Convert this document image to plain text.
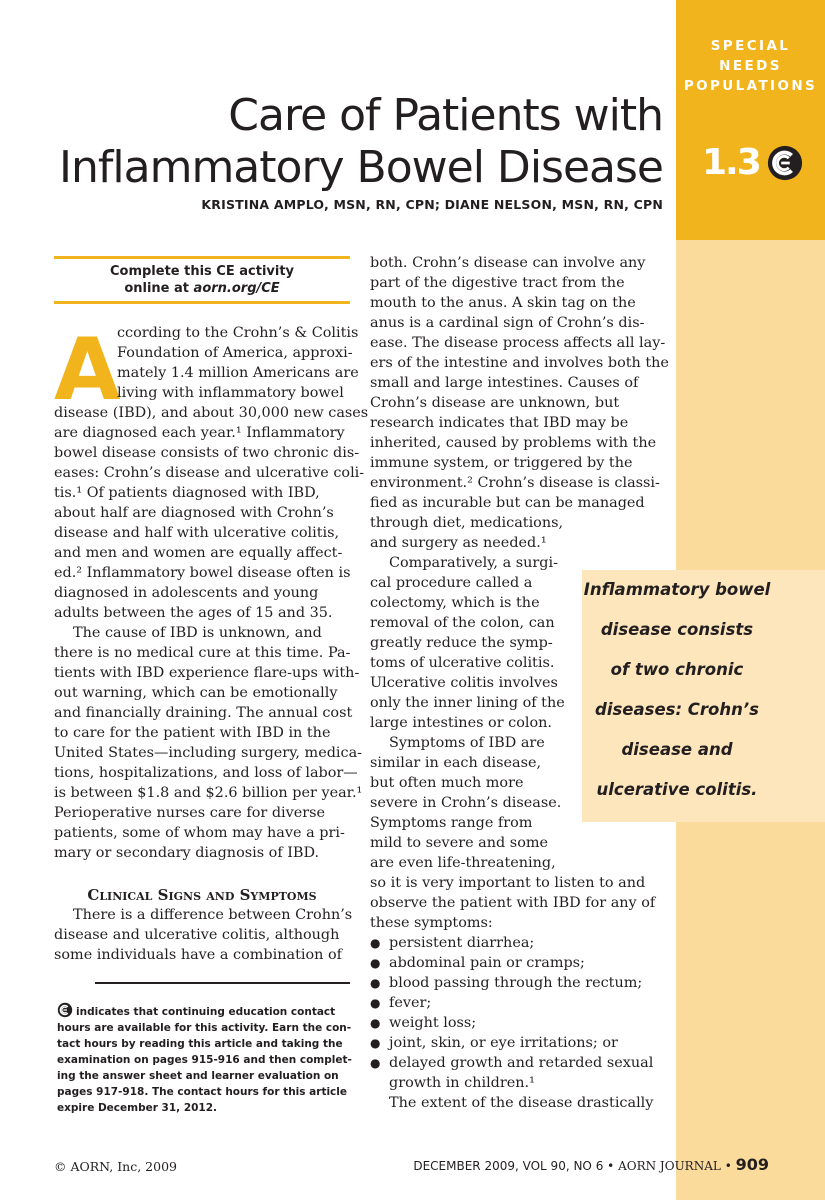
SPECIAL
NEEDS
POPULATIONS
1.3
Care of Patients with
Inflammatory Bowel Disease
KRISTINA AMPLO, MSN, RN, CPN; DIANE NELSON, MSN, RN, CPN
Complete this CE activity
online at aorn.org/CE
A
ccording to the Crohn’s & Colitis
Foundation of America, approxi-
mately 1.4 million Americans are
living with inflammatory bowel
disease (IBD), and about 30,000 new cases
are diagnosed each year.¹ Inflammatory
bowel disease consists of two chronic dis-
eases: Crohn’s disease and ulcerative coli-
tis.¹ Of patients diagnosed with IBD,
about half are diagnosed with Crohn’s
disease and half with ulcerative colitis,
and men and women are equally affect-
ed.² Inflammatory bowel disease often is
diagnosed in adolescents and young
adults between the ages of 15 and 35.
The cause of IBD is unknown, and
there is no medical cure at this time. Pa-
tients with IBD experience flare-ups with-
out warning, which can be emotionally
and financially draining. The annual cost
to care for the patient with IBD in the
United States—including surgery, medica-
tions, hospitalizations, and loss of labor—
is between $1.8 and $2.6 billion per year.¹
Perioperative nurses care for diverse
patients, some of whom may have a pri-
mary or secondary diagnosis of IBD.
Clinical Signs and Symptoms
There is a difference between Crohn’s
disease and ulcerative colitis, although
some individuals have a combination of
indicates that continuing education contact
hours are available for this activity. Earn the con-
tact hours by reading this article and taking the
examination on pages 915-916 and then complet-
ing the answer sheet and learner evaluation on
pages 917-918. The contact hours for this article
expire December 31, 2012.
Inflammatory bowel
disease consists
of two chronic
diseases: Crohn’s
disease and
ulcerative colitis.
both. Crohn’s disease can involve any
part of the digestive tract from the
mouth to the anus. A skin tag on the
anus is a cardinal sign of Crohn’s dis-
ease. The disease process affects all lay-
ers of the intestine and involves both the
small and large intestines. Causes of
Crohn’s disease are unknown, but
research indicates that IBD may be
inherited, caused by problems with the
immune system, or triggered by the
environment.² Crohn’s disease is classi-
fied as incurable but can be managed
through diet, medications,
and surgery as needed.¹
Comparatively, a surgi-
cal procedure called a
colectomy, which is the
removal of the colon, can
greatly reduce the symp-
toms of ulcerative colitis.
Ulcerative colitis involves
only the inner lining of the
large intestines or colon.
Symptoms of IBD are
similar in each disease,
but often much more
severe in Crohn’s disease.
Symptoms range from
mild to severe and some
are even life-threatening,
so it is very important to listen to and
observe the patient with IBD for any of
these symptoms:
● persistent diarrhea;
● abdominal pain or cramps;
● blood passing through the rectum;
● fever;
● weight loss;
● joint, skin, or eye irritations; or
● delayed growth and retarded sexual
growth in children.¹
The extent of the disease drastically
© AORN, Inc, 2009	DECEMBER 2009, VOL 90, NO 6 • AORN JOURNAL • 909
